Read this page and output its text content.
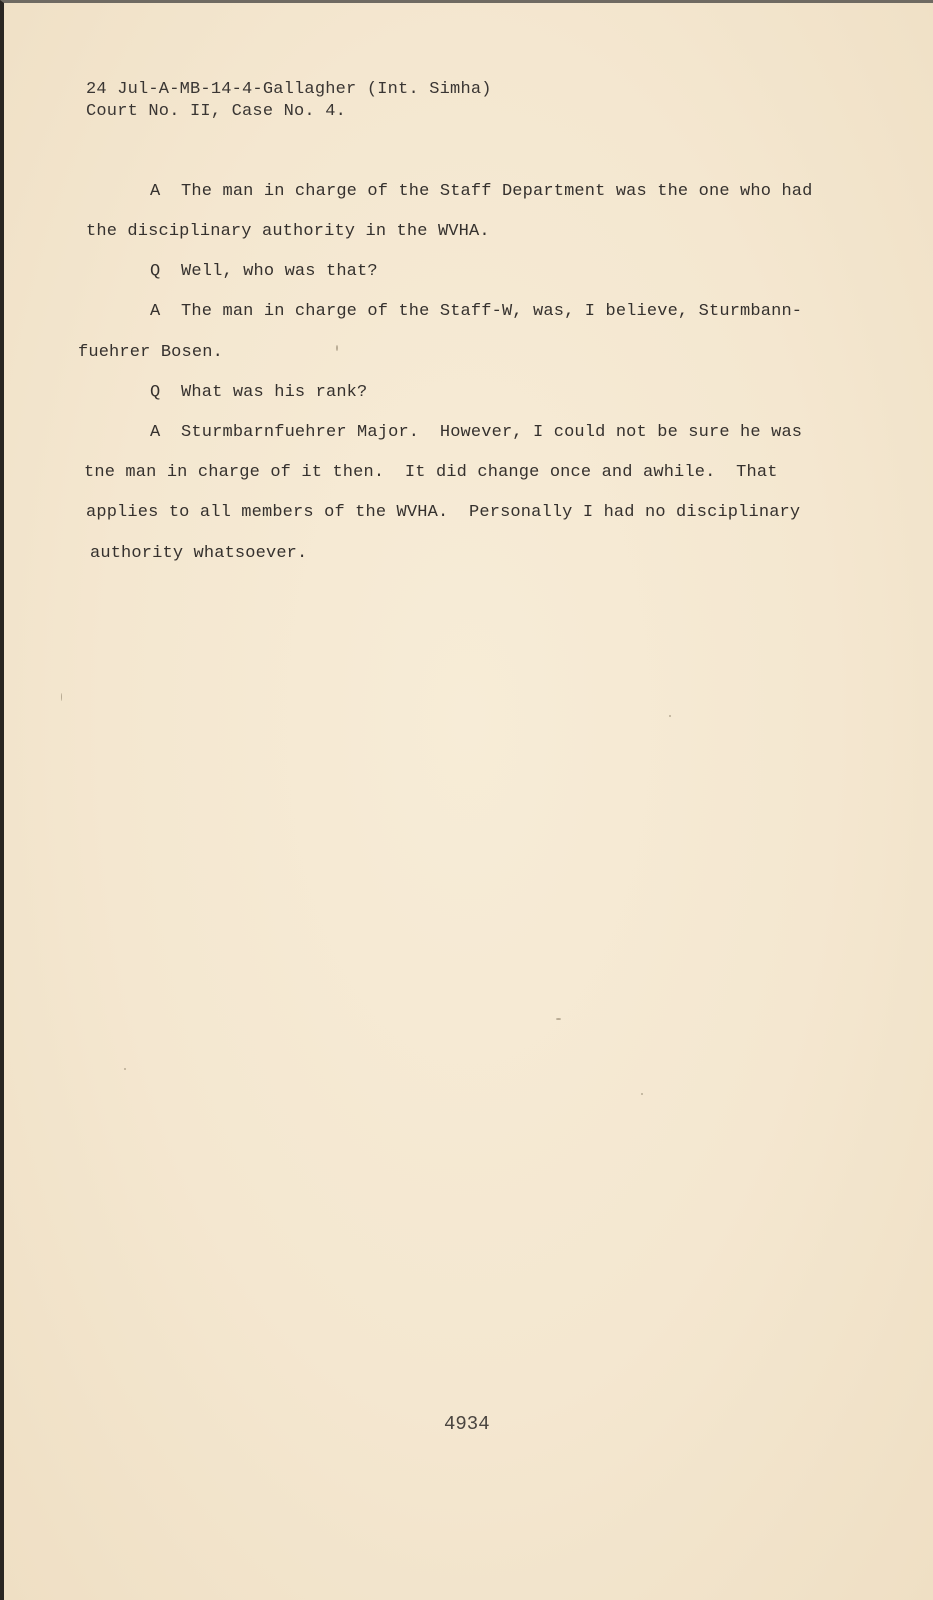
24 Jul-A-MB-14-4-Gallagher (Int. Simha)
Court No. II, Case No. 4.
A  The man in charge of the Staff Department was the one who had
the disciplinary authority in the WVHA.
Q  Well, who was that?
A  The man in charge of the Staff-W, was, I believe, Sturmbann-
fuehrer Bosen.
Q  What was his rank?
A  Sturmbarnfuehrer Major.  However, I could not be sure he was
tne man in charge of it then.  It did change once and awhile.  That
applies to all members of the WVHA.  Personally I had no disciplinary
authority whatsoever.
4934
